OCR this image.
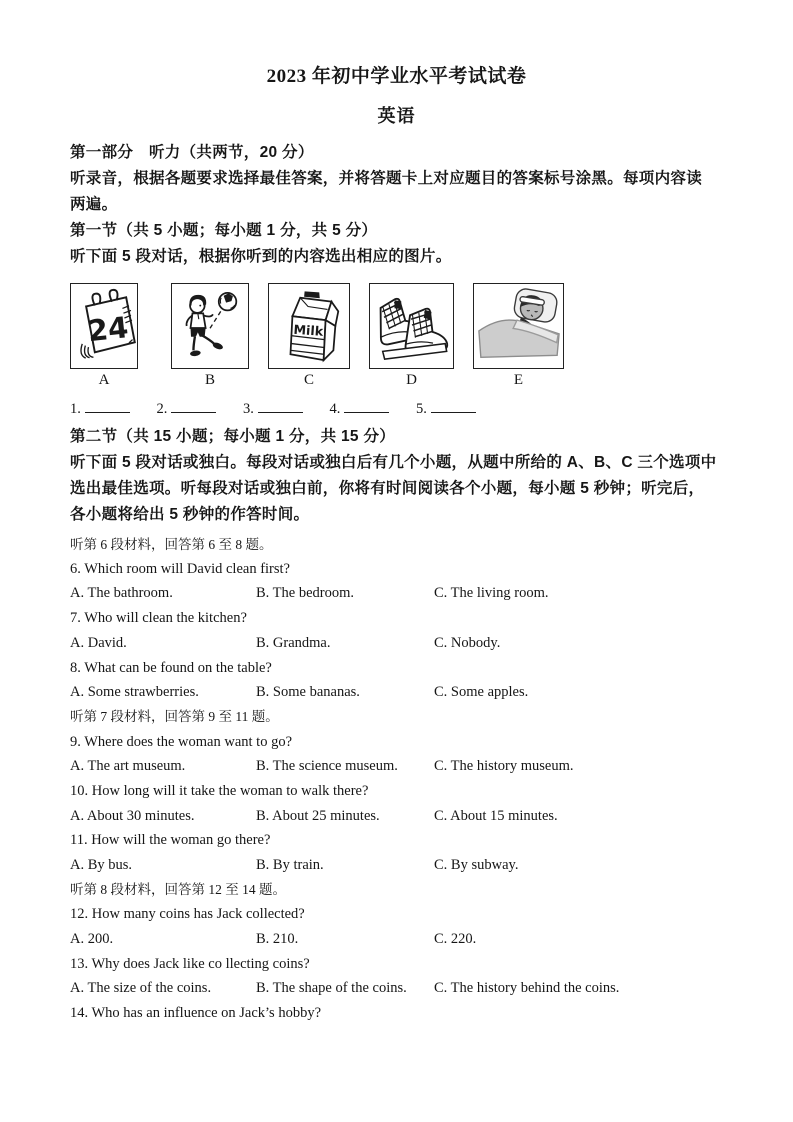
2023 年初中学业水平考试试卷
英语

第一部分　听力（共两节，20 分）

听录音，根据各题要求选择最佳答案，并将答题卡上对应题目的答案标号涂黑。每项内容读

两遍。

第一节（共 5 小题；每小题 1 分，共 5 分）

听下面 5 段对话，根据你听到的内容选出相应的图片。

24
A	B
Milk
C	D	E
1.	2.	3.	4.	5.

第二节（共 15 小题；每小题 1 分，共 15 分）

听下面 5 段对话或独白。每段对话或独白后有几个小题，从题中所给的 A、B、C 三个选项中

选出最佳选项。听每段对话或独白前，你将有时间阅读各个小题，每小题 5 秒钟；听完后，

各小题将给出 5 秒钟的作答时间。

听第 6 段材料，回答第 6 至 8 题。

6. Which room will David clean first?

A. The bathroom.	B. The bedroom.	C. The living room.

7. Who will clean the kitchen?

A. David.	B. Grandma.	C. Nobody.

8. What can be found on the table?

A. Some strawberries.	B. Some bananas.	C. Some apples.

听第 7 段材料，回答第 9 至 11 题。

9. Where does the woman want to go?

A. The art museum.	B. The science museum. C. The history museum.

10. How long will it take the woman to walk there?

A. About 30 minutes.	B. About 25 minutes.	C. About 15 minutes.

11. How will the woman go there?

A. By bus.	B. By train.	C. By subway.

听第 8 段材料，回答第 12 至 14 题。

12. How many coins has Jack collected?

A. 200.	B. 210.	C. 220.

13. Why does Jack like co llecting coins?

A. The size of the coins.	B. The shape of the coins. C. The history behind the coins.

14. Who has an influence on Jack’s hobby?
